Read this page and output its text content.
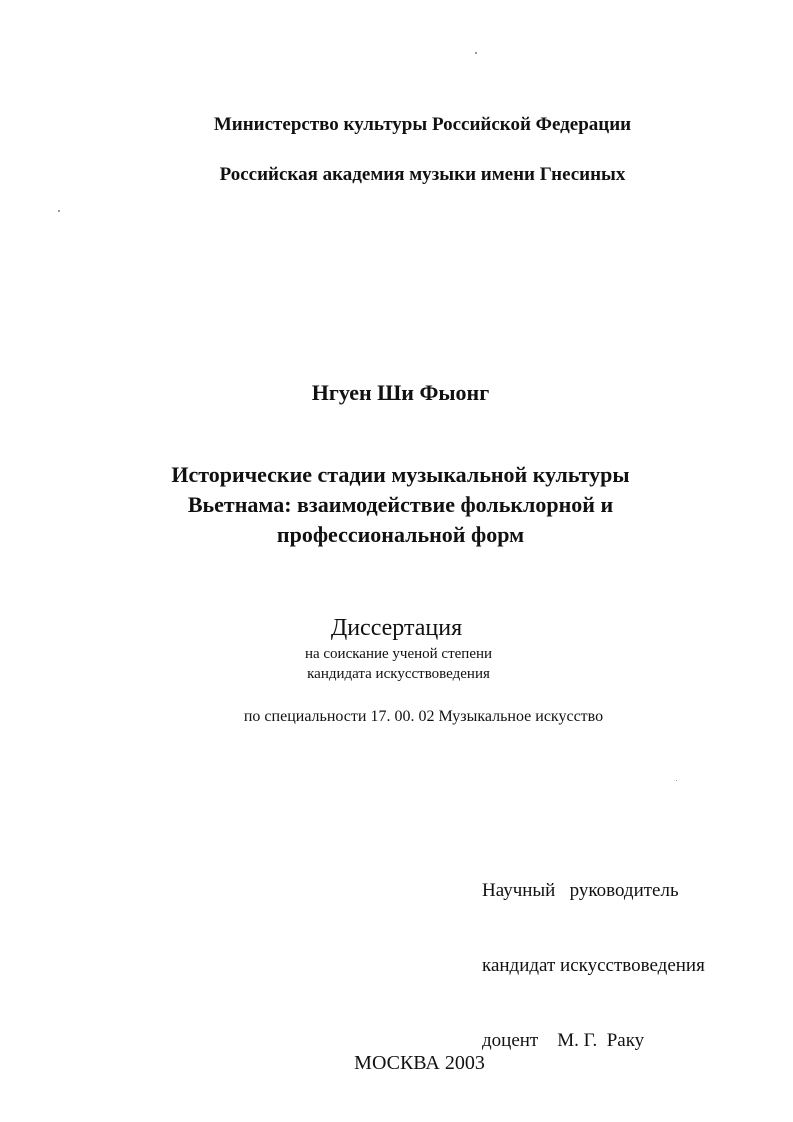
Министерство культуры Российской Федерации
Российская академия музыки имени Гнесиных
Нгуен Ши Фыонг
Исторические стадии музыкальной культуры
Вьетнама: взаимодействие фольклорной и
профессиональной форм
Диссертация
на соискание ученой степени
кандидата искусствоведения
по специальности 17. 00. 02 Музыкальное искусство

Научный   руководитель

кандидат искусствоведения

доцент    М. Г.  Раку

МОСКВА 2003
